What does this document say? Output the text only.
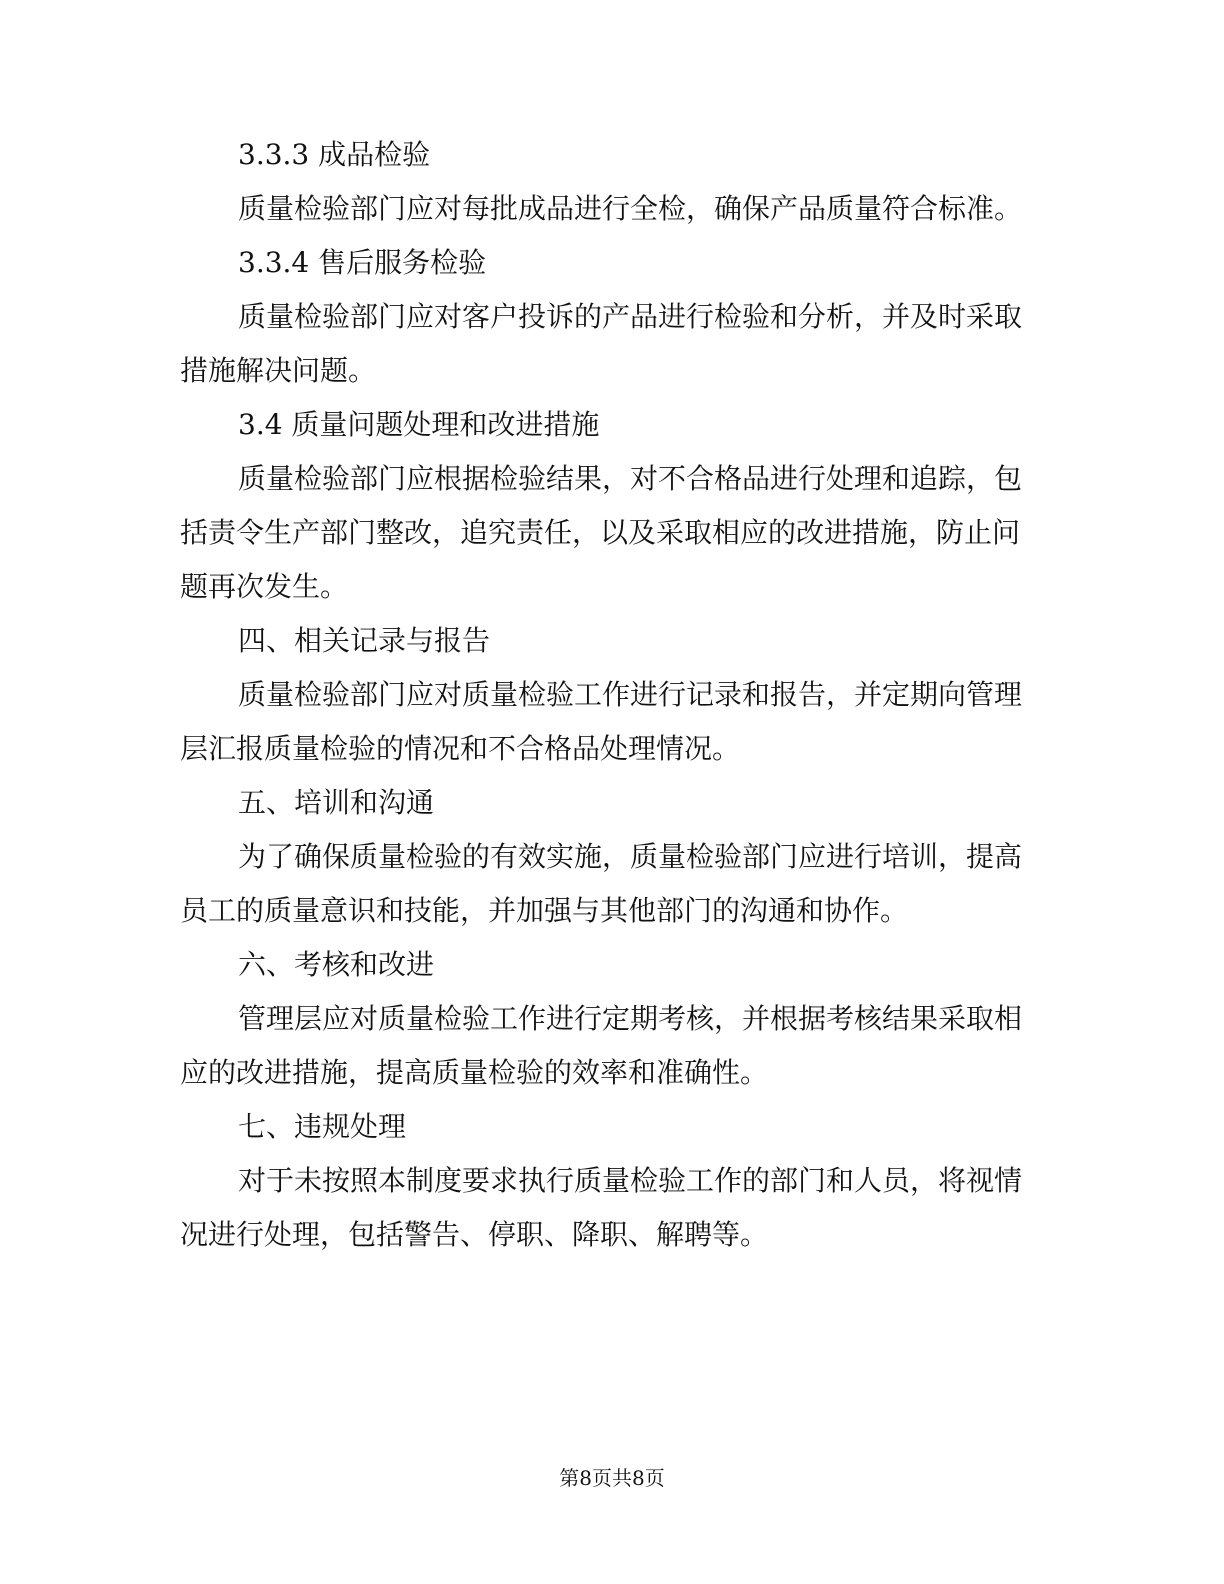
3.3.3 成品检验
质量检验部门应对每批成品进行全检，确保产品质量符合标准。
3.3.4 售后服务检验
质量检验部门应对客户投诉的产品进行检验和分析，并及时采取
措施解决问题。
3.4 质量问题处理和改进措施
质量检验部门应根据检验结果，对不合格品进行处理和追踪，包
括责令生产部门整改，追究责任，以及采取相应的改进措施，防止问
题再次发生。
四、相关记录与报告
质量检验部门应对质量检验工作进行记录和报告，并定期向管理
层汇报质量检验的情况和不合格品处理情况。
五、培训和沟通
为了确保质量检验的有效实施，质量检验部门应进行培训，提高
员工的质量意识和技能，并加强与其他部门的沟通和协作。
六、考核和改进
管理层应对质量检验工作进行定期考核，并根据考核结果采取相
应的改进措施，提高质量检验的效率和准确性。
七、违规处理
对于未按照本制度要求执行质量检验工作的部门和人员，将视情
况进行处理，包括警告、停职、降职、解聘等。
第8页共8页
